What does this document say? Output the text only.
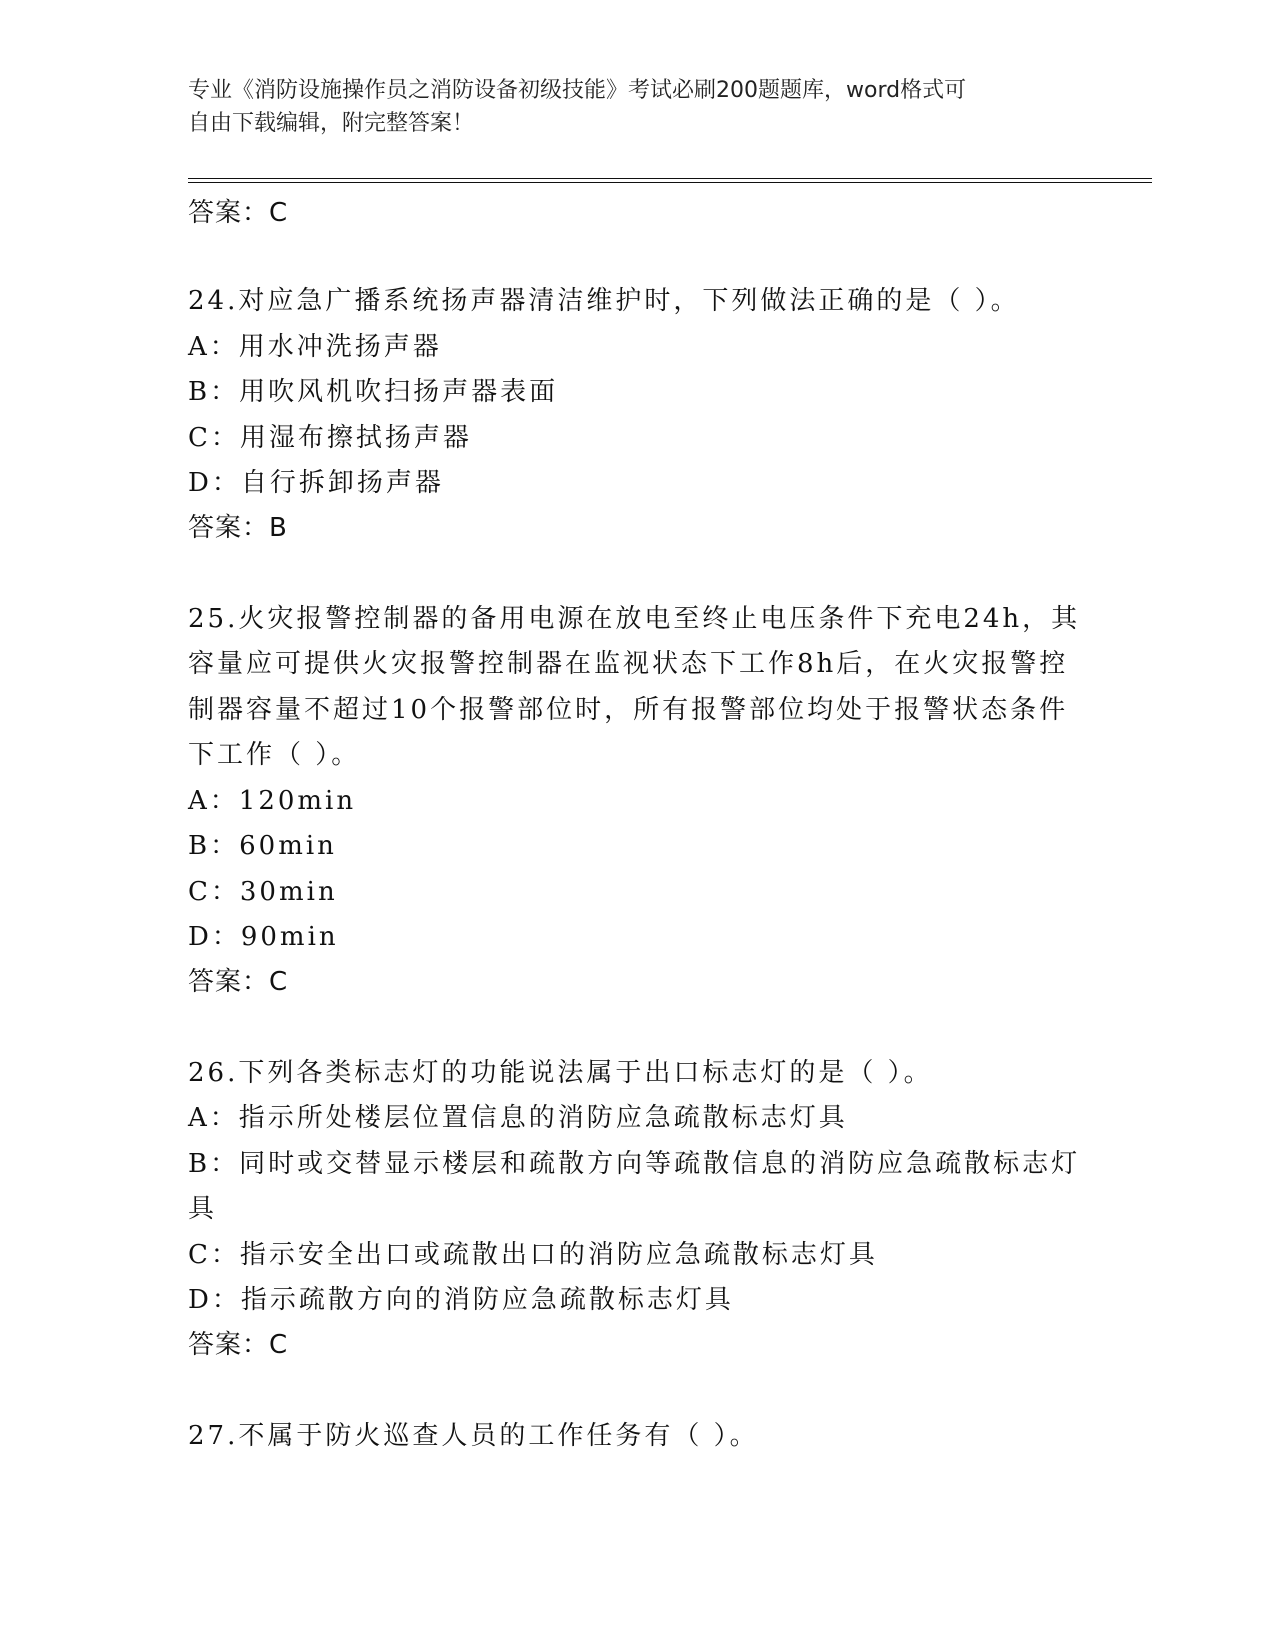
专业《消防设施操作员之消防设备初级技能》考试必刷200题题库，word格式可
自由下载编辑，附完整答案！
答案：C
24.对应急广播系统扬声器清洁维护时，下列做法正确的是（ ）。
A：用水冲洗扬声器
B：用吹风机吹扫扬声器表面
C：用湿布擦拭扬声器
D：自行拆卸扬声器
答案：B
25.火灾报警控制器的备用电源在放电至终止电压条件下充电24h，其容量应可提供火灾报警控制器在监视状态下工作8h后，在火灾报警控制器容量不超过10个报警部位时，所有报警部位均处于报警状态条件下工作（ ）。
A：120min
B：60min
C：30min
D：90min
答案：C
26.下列各类标志灯的功能说法属于出口标志灯的是（ ）。
A：指示所处楼层位置信息的消防应急疏散标志灯具
B：同时或交替显示楼层和疏散方向等疏散信息的消防应急疏散标志灯具
C：指示安全出口或疏散出口的消防应急疏散标志灯具
D：指示疏散方向的消防应急疏散标志灯具
答案：C
27.不属于防火巡查人员的工作任务有（ ）。
